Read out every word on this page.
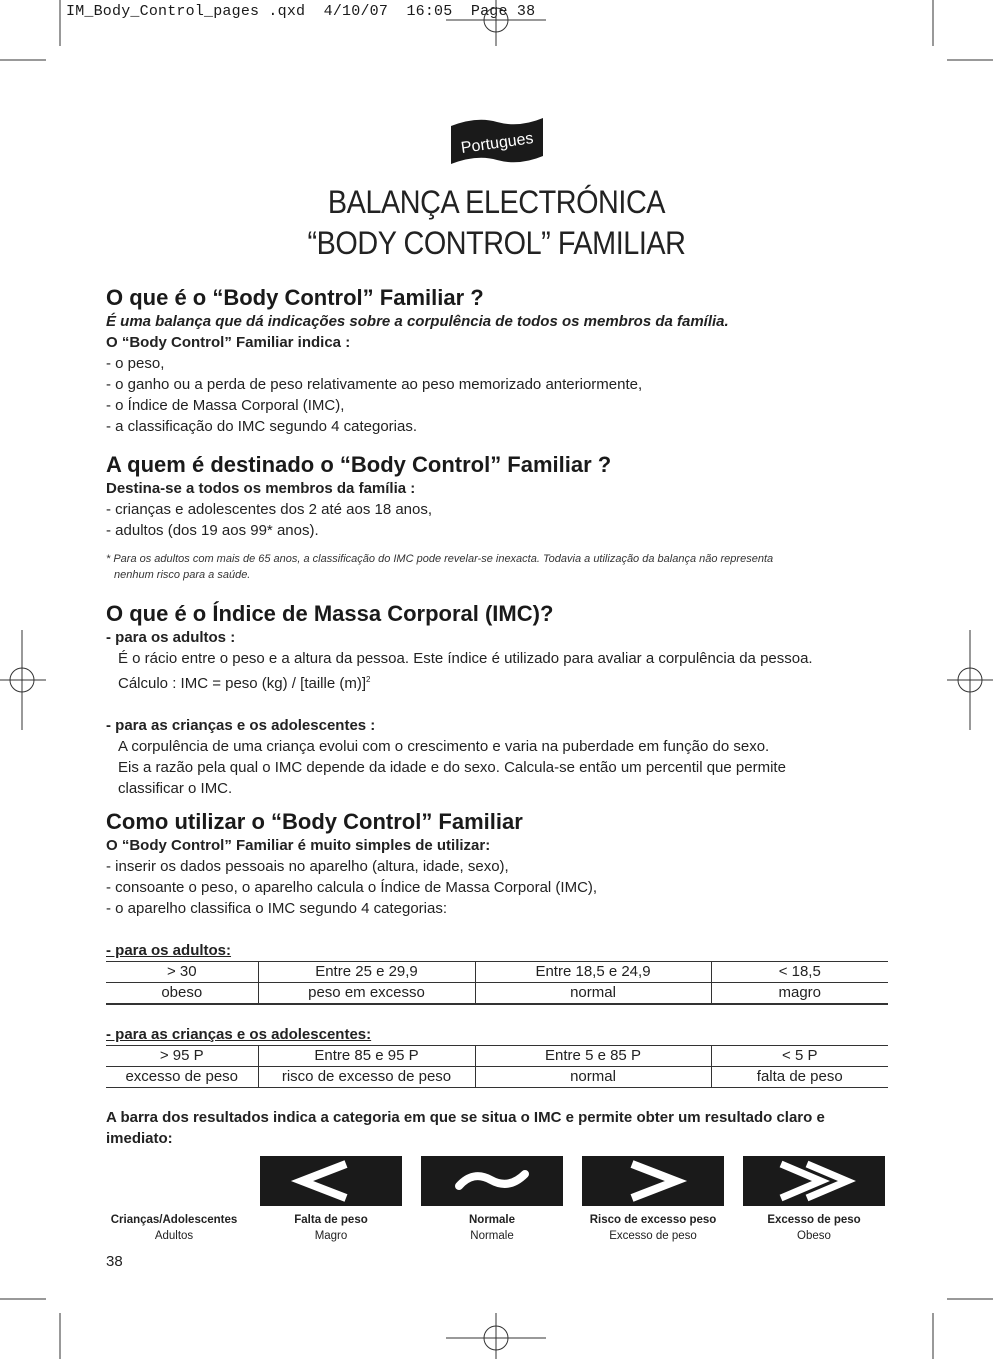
IM_Body_Control_pages .qxd  4/10/07  16:05  Page 38
Portugues
BALANÇA ELECTRÓNICA
“BODY CONTROL” FAMILIAR
O que é o “Body Control” Familiar ?

É uma balança que dá indicações sobre a corpulência de todos os membros da família.

O “Body Control” Familiar indica :

- o peso,

- o ganho ou a perda de peso relativamente ao peso memorizado anteriormente,

- o Índice de Massa Corporal (IMC),

- a classificação do IMC segundo 4 categorias.

A quem é destinado o “Body Control” Familiar ?

Destina-se a todos os membros da família :

- crianças e adolescentes dos 2 até aos 18 anos,

- adultos (dos 19 aos 99* anos).

* Para os adultos com mais de 65 anos, a classificação do IMC pode revelar-se inexacta. Todavia a utilização da balança não representa

nenhum risco para a saúde.

O que é o Índice de Massa Corporal (IMC)?

- para os adultos :

É o rácio entre o peso e a altura da pessoa. Este índice é utilizado para avaliar a corpulência da pessoa.

Cálculo : IMC = peso (kg) / [taille (m)]$^2$

- para as crianças e os adolescentes :

A corpulência de uma criança evolui com o crescimento e varia na puberdade em função do sexo.

Eis a razão pela qual o IMC depende da idade e do sexo. Calcula-se então um percentil que permite

classificar o IMC.

Como utilizar o “Body Control” Familiar

O “Body Control” Familiar é muito simples de utilizar:

- inserir os dados pessoais no aparelho (altura, idade, sexo),

- consoante o peso, o aparelho calcula o Índice de Massa Corporal (IMC),

- o aparelho classifica o IMC segundo 4 categorias:

- para os adultos:

> 30	Entre 25 e 29,9	Entre 18,5 e 24,9	< 18,5
obeso	peso em excesso	normal	magro

- para as crianças e os adolescentes:

> 95 P	Entre 85 e 95 P	Entre 5 e 85 P	< 5 P
excesso de peso	risco de excesso de peso	normal	falta de peso

A barra dos resultados indica a categoria em que se situa o IMC e permite obter um resultado claro e

imediato:

Crianças/Adolescentes
Adultos
Falta de peso
Magro
Normale
Normale
Risco de excesso peso
Excesso de peso
Excesso de peso
Obeso
38
